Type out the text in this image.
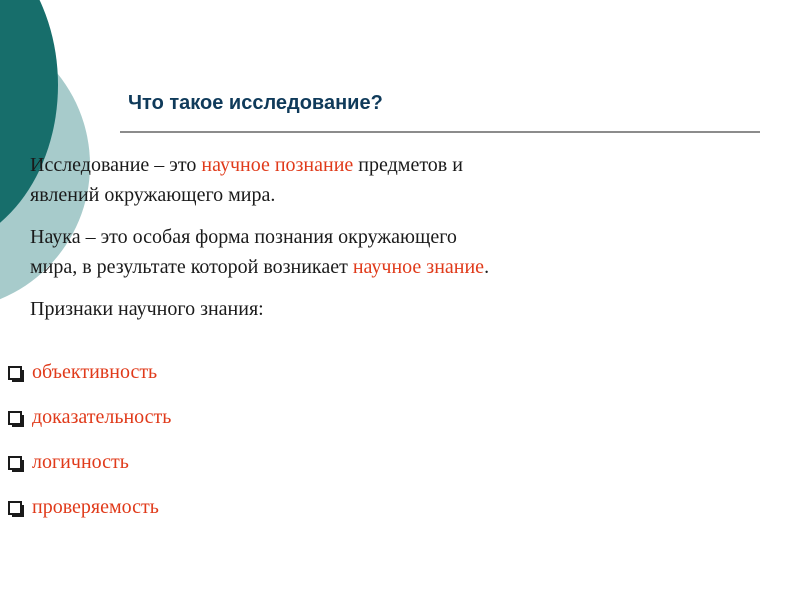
Что такое исследование?

Исследование – это научное познание предметов и
явлений окружающего мира.

Наука – это особая форма познания окружающего
мира, в результате которой возникает научное знание.

Признаки научного знания:

объективность
доказательность
логичность
проверяемость
